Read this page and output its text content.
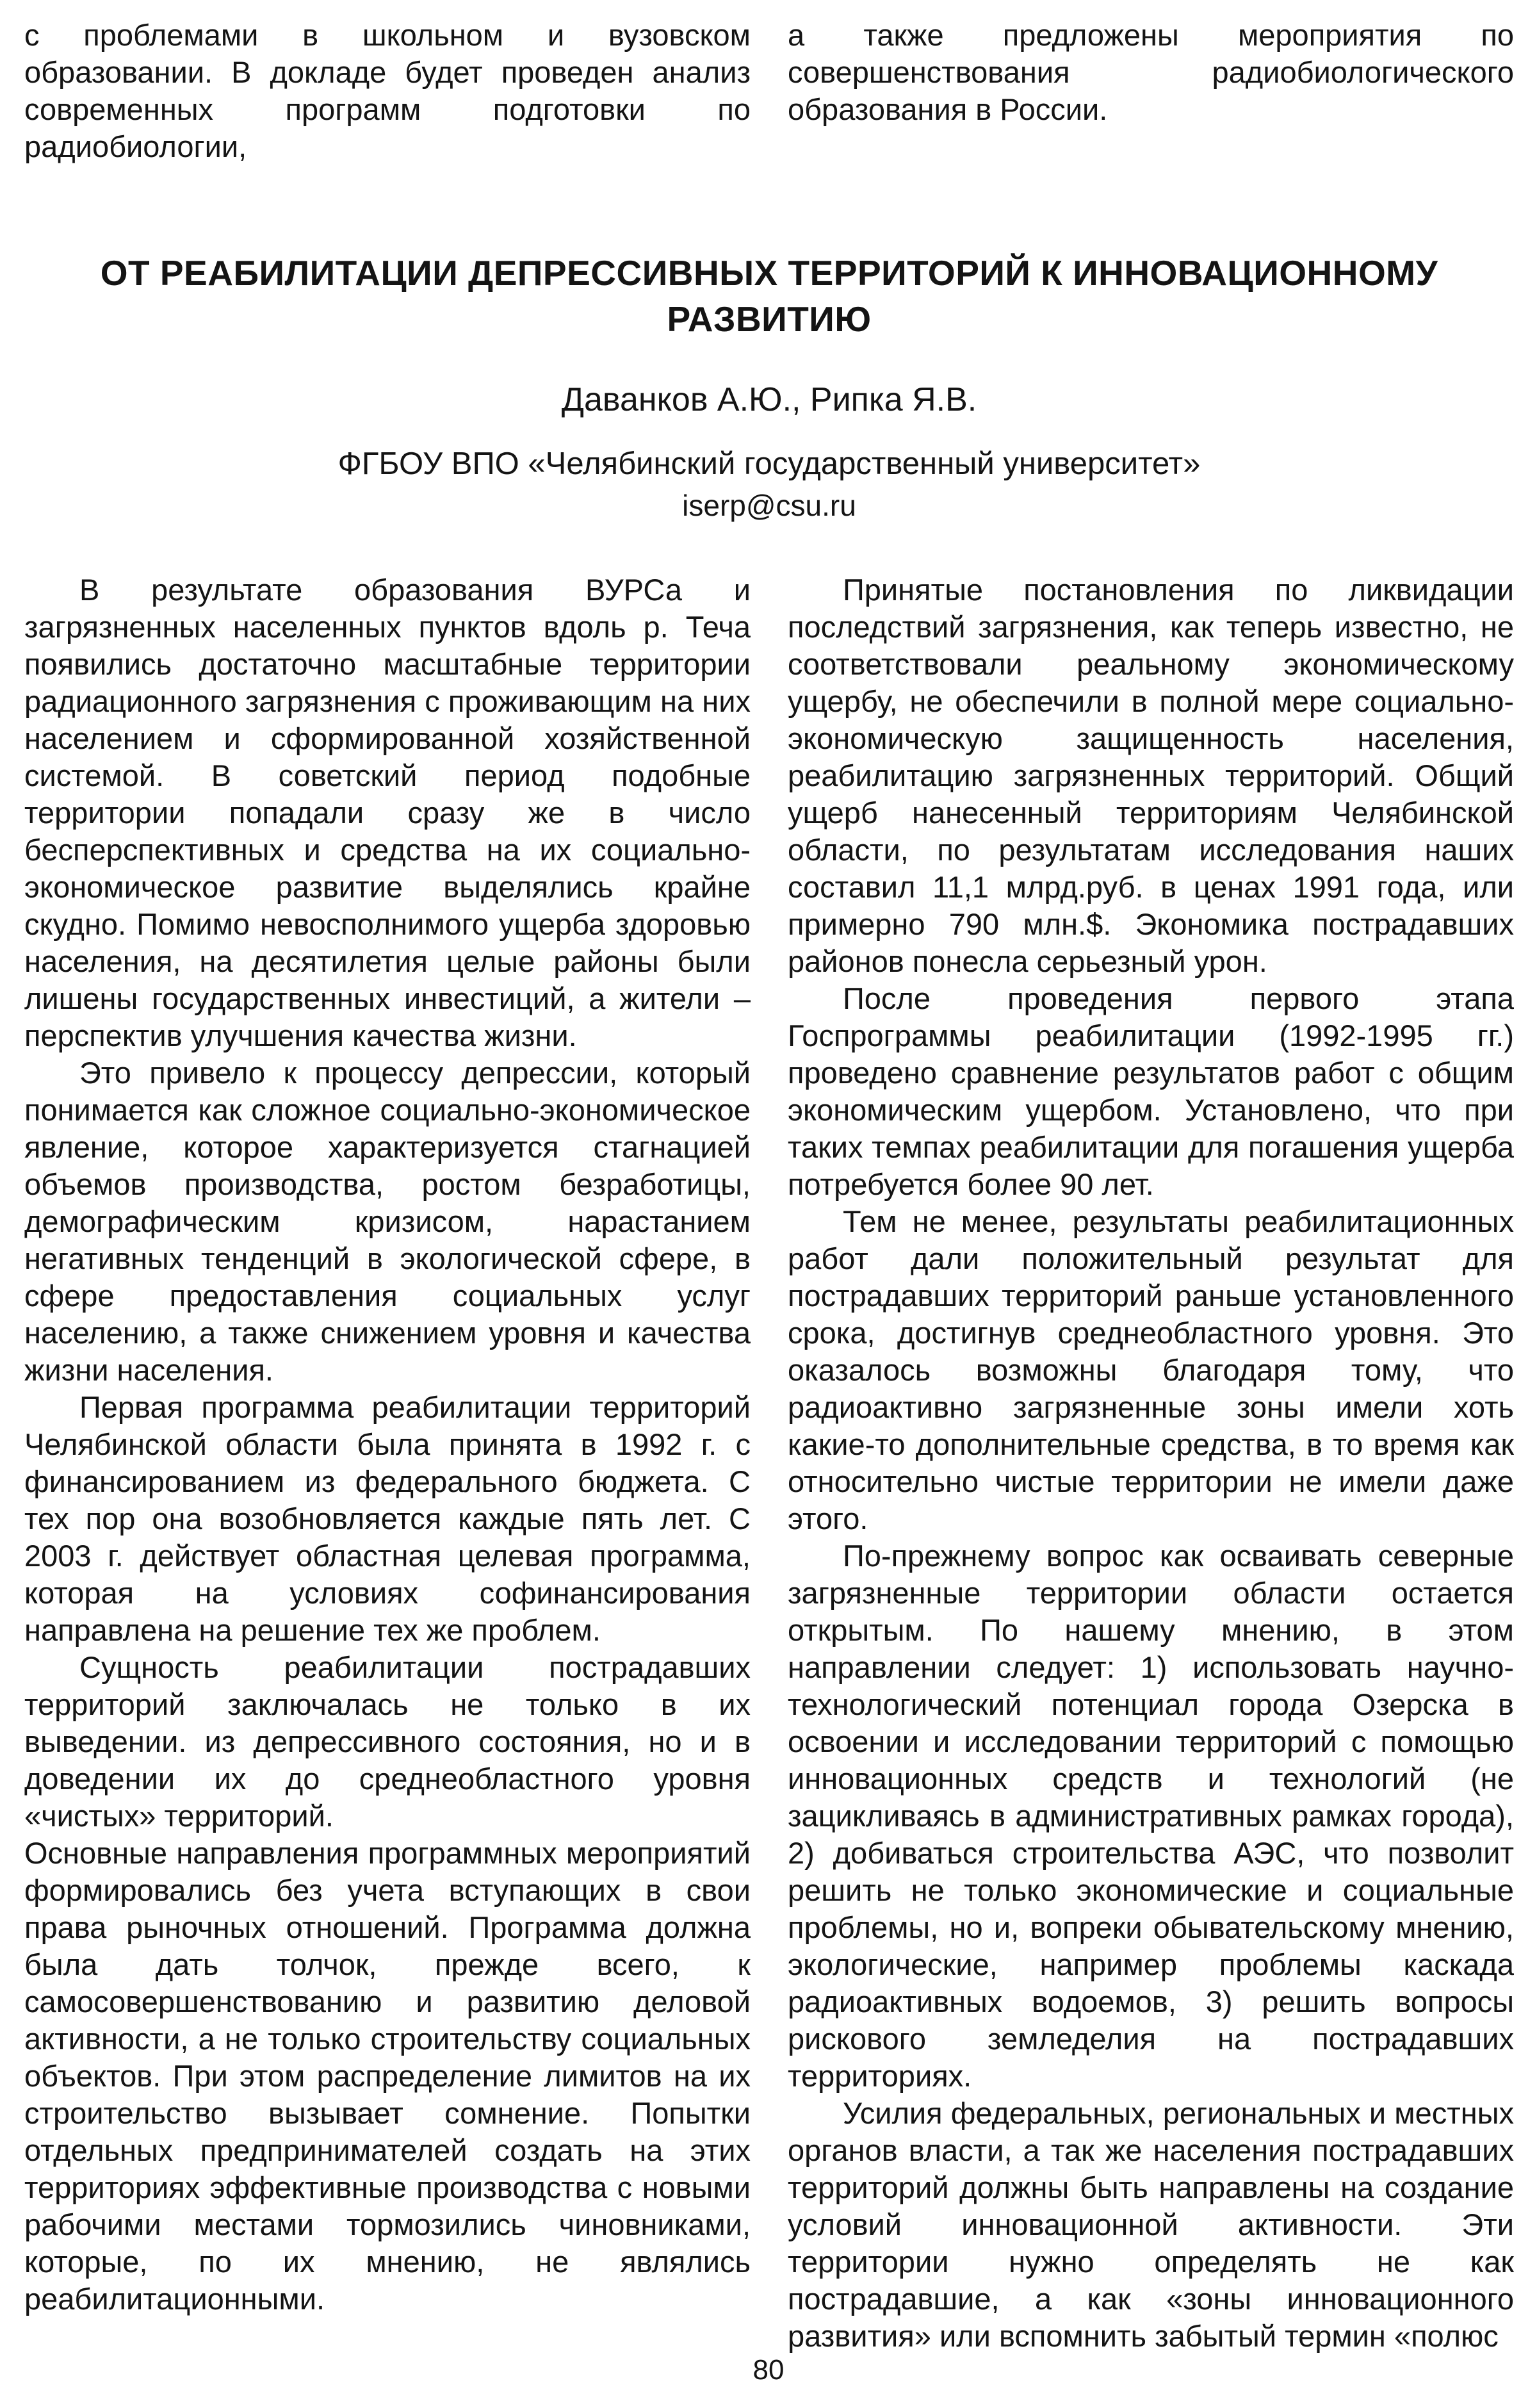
с проблемами в школьном и вузовском образовании. В докладе будет проведен анализ современных программ подготовки по радиобиологии,
а также предложены мероприятия по совершенствования радиобиологического образования в России.
ОТ РЕАБИЛИТАЦИИ ДЕПРЕССИВНЫХ ТЕРРИТОРИЙ К ИННОВАЦИОННОМУ РАЗВИТИЮ
Даванков А.Ю., Рипка Я.В.
ФГБОУ ВПО «Челябинский государственный университет»
iserp@csu.ru

В результате образования ВУРСа и загрязненных населенных пунктов вдоль р. Теча появились достаточно масштабные территории радиационного загрязнения с проживающим на них населением и сформированной хозяйственной системой. В советский период подобные территории попадали сразу же в число бесперспективных и средства на их социально-экономическое развитие выделялись крайне скудно. Помимо невосполнимого ущерба здоровью населения, на десятилетия целые районы были лишены государственных инвестиций, а жители – перспектив улучшения качества жизни.

Это привело к процессу депрессии, который понимается как сложное социально-экономическое явление, которое характеризуется стагнацией объемов производства, ростом безработицы, демографическим кризисом, нарастанием негативных тенденций в экологической сфере, в сфере предоставления социальных услуг населению, а также снижением уровня и качества жизни населения.

Первая программа реабилитации территорий Челябинской области была принята в 1992 г. с финансированием из федерального бюджета. С тех пор она возобновляется каждые пять лет. С 2003 г. действует областная целевая программа, которая на условиях софинансирования направлена на решение тех же проблем.

Сущность реабилитации пострадавших территорий заключалась не только в их выведении. из депрессивного состояния, но и в доведении их до среднеобластного уровня «чистых» территорий.

Основные направления программных мероприятий формировались без учета вступающих в свои права рыночных отношений. Программа должна была дать толчок, прежде всего, к самосовершенствованию и развитию деловой активности, а не только строительству социальных объектов. При этом распределение лимитов на их строительство вызывает сомнение. Попытки отдельных предпринимателей создать на этих территориях эффективные производства с новыми рабочими местами тормозились чиновниками, которые, по их мнению, не являлись реабилитационными.

Принятые постановления по ликвидации последствий загрязнения, как теперь известно, не соответствовали реальному экономическому ущербу, не обеспечили в полной мере социально-экономическую защищенность населения, реабилитацию загрязненных территорий. Общий ущерб нанесенный территориям Челябинской области, по результатам исследования наших составил 11,1 млрд.руб. в ценах 1991 года, или примерно 790 млн.$. Экономика пострадавших районов понесла серьезный урон.

После проведения первого этапа Госпрограммы реабилитации (1992-1995 гг.) проведено сравнение результатов работ с общим экономическим ущербом. Установлено, что при таких темпах реабилитации для погашения ущерба потребуется более 90 лет.

Тем не менее, результаты реабилитационных работ дали положительный результат для пострадавших территорий раньше установленного срока, достигнув среднеобластного уровня. Это оказалось возможны благодаря тому, что радиоактивно загрязненные зоны имели хоть какие-то дополнительные средства, в то время как относительно чистые территории не имели даже этого.

По-прежнему вопрос как осваивать северные загрязненные территории области остается открытым. По нашему мнению, в этом направлении следует: 1) использовать научно-технологический потенциал города Озерска в освоении и исследовании территорий с помощью инновационных средств и технологий (не зацикливаясь в административных рамках города), 2) добиваться строительства АЭС, что позволит решить не только экономические и социальные проблемы, но и, вопреки обывательскому мнению, экологические, например проблемы каскада радиоактивных водоемов, 3) решить вопросы рискового земледелия на пострадавших территориях.

Усилия федеральных, региональных и местных органов власти, а так же населения пострадавших территорий должны быть направлены на создание условий инновационной активности. Эти территории нужно определять не как пострадавшие, а как «зоны инновационного развития» или вспомнить забытый термин «полюс

80
